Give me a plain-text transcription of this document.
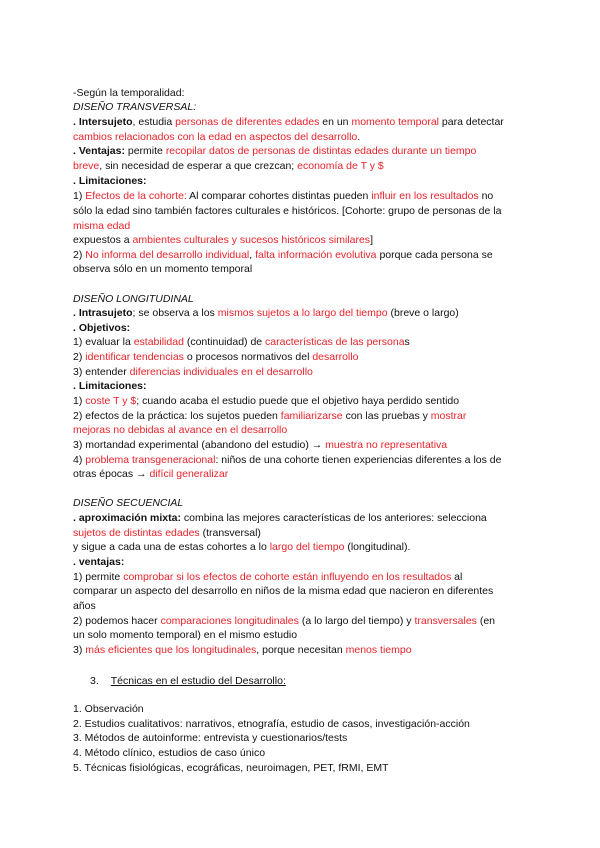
-Según la temporalidad:
DISEÑO TRANSVERSAL:
. Intersujeto, estudia personas de diferentes edades en un momento temporal para detectar
cambios relacionados con la edad en aspectos del desarrollo.
. Ventajas: permite recopilar datos de personas de distintas edades durante un tiempo
breve, sin necesidad de esperar a que crezcan; economía de T y $
. Limitaciones:
1) Efectos de la cohorte: Al comparar cohortes distintas pueden influir en los resultados no
sólo la edad sino también factores culturales e históricos. [Cohorte: grupo de personas de la
misma edad
expuestos a ambientes culturales y sucesos históricos similares]
2) No informa del desarrollo individual, falta información evolutiva porque cada persona se
observa sólo en un momento temporal
DISEÑO LONGITUDINAL
. Intrasujeto; se observa a los mismos sujetos a lo largo del tiempo (breve o largo)
. Objetivos:
1) evaluar la estabilidad (continuidad) de características de las personas
2) identificar tendencias o procesos normativos del desarrollo
3) entender diferencias individuales en el desarrollo
. Limitaciones:
1) coste T y $; cuando acaba el estudio puede que el objetivo haya perdido sentido
2) efectos de la práctica: los sujetos pueden familiarizarse con las pruebas y mostrar
mejoras no debidas al avance en el desarrollo
3) mortandad experimental (abandono del estudio) → muestra no representativa
4) problema transgeneracional: niños de una cohorte tienen experiencias diferentes a los de
otras épocas → difícil generalizar
DISEÑO SECUENCIAL
. aproximación mixta: combina las mejores características de los anteriores: selecciona
sujetos de distintas edades (transversal)
y sigue a cada una de estas cohortes a lo largo del tiempo (longitudinal).
. ventajas:
1) permite comprobar si los efectos de cohorte están influyendo en los resultados al
comparar un aspecto del desarrollo en niños de la misma edad que nacieron en diferentes
años
2) podemos hacer comparaciones longitudinales (a lo largo del tiempo) y transversales (en
un solo momento temporal) en el mismo estudio
3) más eficientes que los longitudinales, porque necesitan menos tiempo
3. Técnicas en el estudio del Desarrollo:
1. Observación
2. Estudios cualitativos: narrativos, etnografía, estudio de casos, investigación-acción
3. Métodos de autoinforme: entrevista y cuestionarios/tests
4. Método clínico, estudios de caso único
5. Técnicas fisiológicas, ecográficas, neuroimagen, PET, fRMI, EMT
